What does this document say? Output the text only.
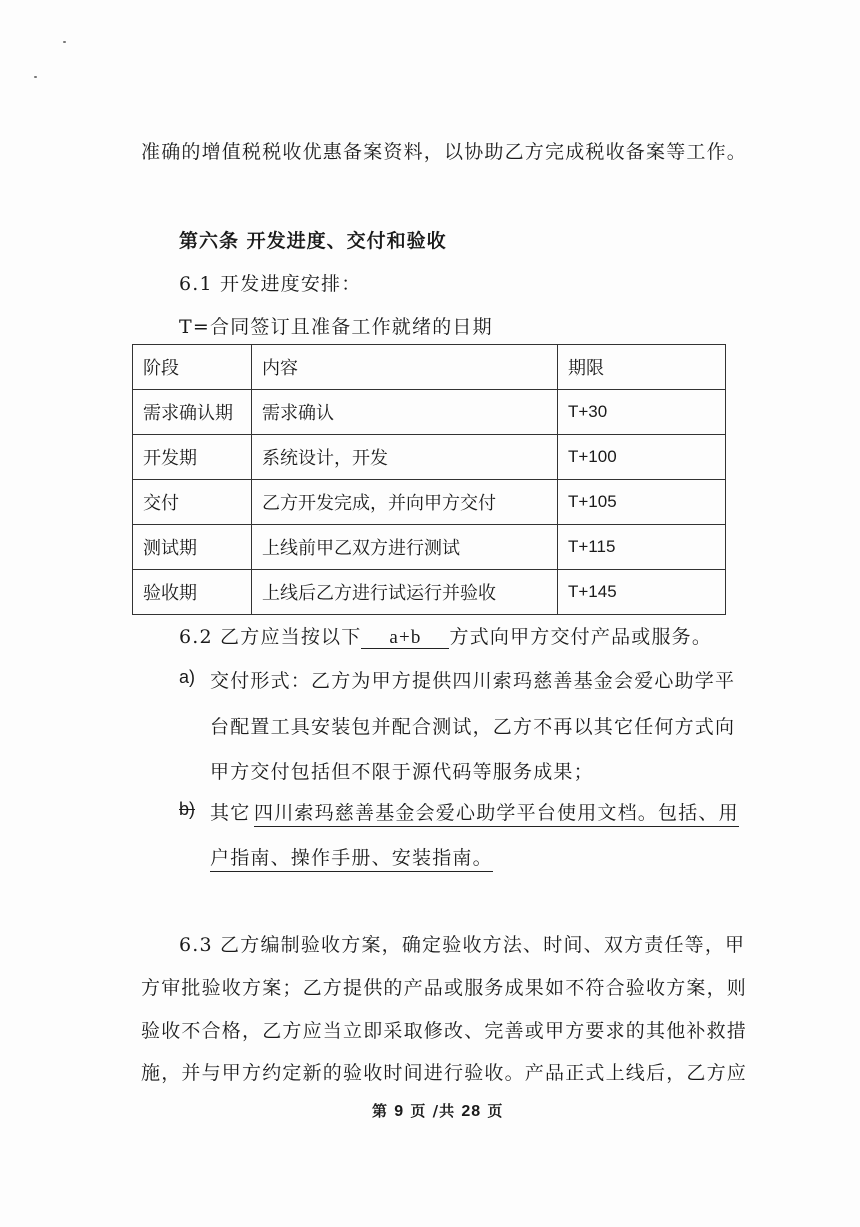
准确的增值税税收优惠备案资料，以协助乙方完成税收备案等工作。
第六条 开发进度、交付和验收
6.1 开发进度安排：
T=合同签订且准备工作就绪的日期
阶段	内容	期限
需求确认期	需求确认	T+30
开发期	系统设计，开发	T+100
交付	乙方开发完成，并向甲方交付	T+105
测试期	上线前甲乙双方进行测试	T+115
验收期	上线后乙方进行试运行并验收	T+145
6.2 乙方应当按以下 a+b 方式向甲方交付产品或服务。
a) 交付形式：乙方为甲方提供四川索玛慈善基金会爱心助学平
台配置工具安装包并配合测试，乙方不再以其它任何方式向
甲方交付包括但不限于源代码等服务成果；
b) 其它 四川索玛慈善基金会爱心助学平台使用文档。包括、用
户指南、操作手册、安装指南。
6.3 乙方编制验收方案，确定验收方法、时间、双方责任等，甲
方审批验收方案；乙方提供的产品或服务成果如不符合验收方案，则
验收不合格，乙方应当立即采取修改、完善或甲方要求的其他补救措
施，并与甲方约定新的验收时间进行验收。产品正式上线后，乙方应
第 9 页 /共 28 页
